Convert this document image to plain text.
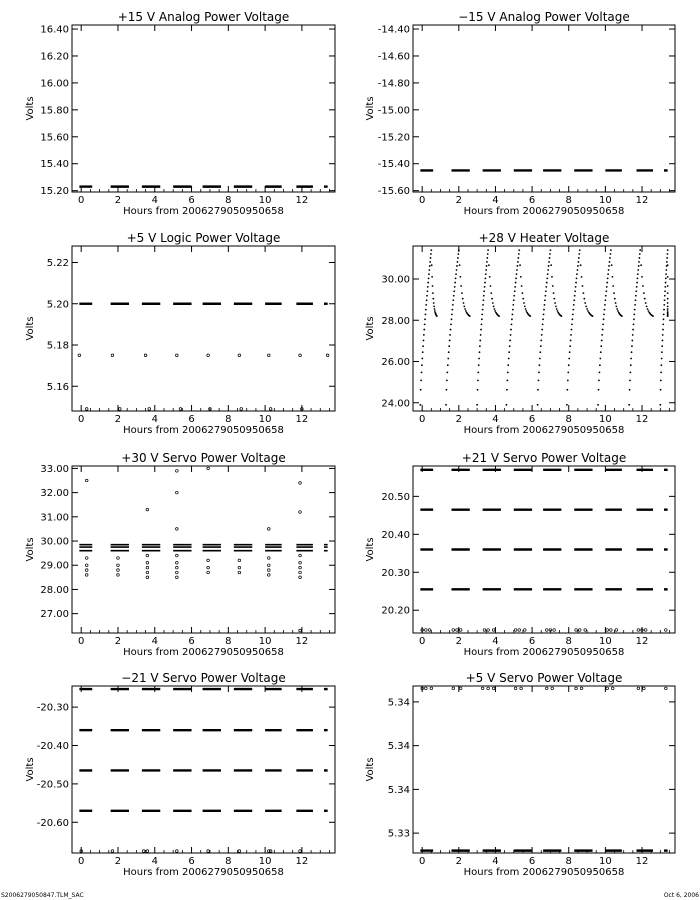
+15 V Analog Power Voltage
Hours from 2006279050950658
Volts
0	2	4	6	8	10 12
15.20
15.40
15.60
15.80
16.00
16.20
16.40
−15 V Analog Power Voltage
Hours from 2006279050950658
Volts
0	2	4	6	8	10 12
-15.60
-15.40
-15.20
-15.00
-14.80
-14.60
-14.40
+5 V Logic Power Voltage
Hours from 2006279050950658
Volts
0	2	4	6	8	10 12
5.16
5.18
5.20
5.22
+28 V Heater Voltage
Hours from 2006279050950658
Volts
0	2	4	6	8	10 12
24.00
26.00
28.00
30.00
+30 V Servo Power Voltage
Hours from 2006279050950658
Volts
0	2	4	6	8	10 12
27.00
28.00
29.00
30.00
31.00
32.00
33.00
+21 V Servo Power Voltage
Hours from 2006279050950658
Volts
0	2	4	6	8	10 12
20.20
20.30
20.40
20.50
−21 V Servo Power Voltage
Hours from 2006279050950658
Volts
0	2	4	6	8	10 12
-20.60
-20.50
-20.40
-20.30
+5 V Servo Power Voltage
Hours from 2006279050950658
Volts
0	2	4	6	8	10 12
5.33
5.34
5.34
5.34
S2006279050847.TLM_SAC	Oct 6, 2006
